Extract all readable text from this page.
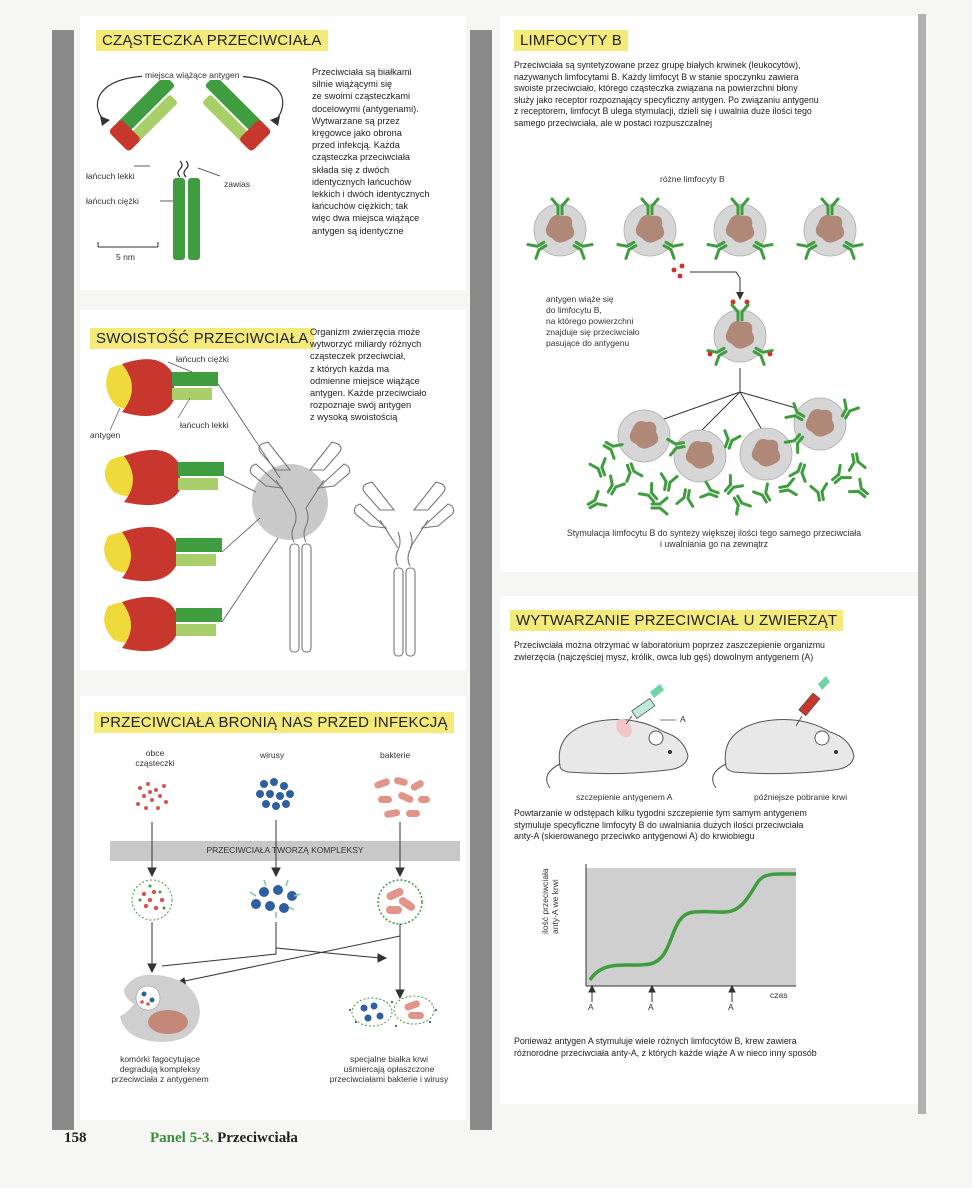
CZĄSTECZKA PRZECIWCIAŁA
miejsca wiążące antygen
łańcuch lekki
zawias
łańcuch ciężki
5 nm
Przeciwciała są białkami
silnie wiążącymi się
ze swoimi cząsteczkami
docelowymi (antygenami).
Wytwarzane są przez
kręgowce jako obrona
przed infekcją. Każda
cząsteczka przeciwciała
składa się z dwóch
identycznych łańcuchów
lekkich i dwóch identycznych
łańcuchów ciężkich; tak
więc dwa miejsca wiążące
antygen są identyczne
SWOISTOŚĆ PRZECIWCIAŁA
łańcuch ciężki
łańcuch lekki
antygen
Organizm zwierzęcia może
wytworzyć miliardy różnych
cząsteczek przeciwciał,
z których każda ma
odmienne miejsce wiążące
antygen. Każde przeciwciało
rozpoznaje swój antygen
z wysoką swoistością
PRZECIWCIAŁA BRONIĄ NAS PRZED INFEKCJĄ
obce
cząsteczki
wirusy	bakterie
PRZECIWCIAŁA TWORZĄ KOMPLEKSY
komórki fagocytujące
degradują kompleksy
przeciwciała z antygenem
specjalne białka krwi
uśmiercają opłaszczone
przeciwciałami bakterie i wirusy
LIMFOCYTY B
Przeciwciała są syntetyzowane przez grupę białych krwinek (leukocytów),
nazywanych limfocytami B. Każdy limfocyt B w stanie spoczynku zawiera
swoiste przeciwciało, którego cząsteczka związana na powierzchni błony
służy jako receptor rozpoznający specyficzny antygen. Po związaniu antygenu
z receptorem, limfocyt B ulega stymulacji, dzieli się i uwalnia duże ilości tego
samego przeciwciała, ale w postaci rozpuszczalnej
różne limfocyty B
antygen wiąże się
do limfocytu B,
na którego powierzchni
znajduje się przeciwciało
pasujące do antygenu
Stymulacja limfocytu B do syntezy większej ilości tego samego przeciwciała
i uwalniania go na zewnątrz
WYTWARZANIE PRZECIWCIAŁ U ZWIERZĄT
Przeciwciała można otrzymać w laboratorium poprzez zaszczepienie organizmu
zwierzęcia (najczęściej mysz, królik, owca lub gęś) dowolnym antygenem (A)
A
szczepienie antygenem A	późniejsze pobranie krwi
Powtarzanie w odstępach kilku tygodni szczepienie tym samym antygenem
stymuluje specyficzne limfocyty B do uwalniania dużych ilości przeciwciała
anty-A (skierowanego przeciwko antygenowi A) do krwiobiegu
ilość przeciwciała anty-A we krwi
czas
A	A	A
Ponieważ antygen A stymuluje wiele różnych limfocytów B, krew zawiera
różnorodne przeciwciała anty-A, z których każde wiąże A w nieco inny sposób
158	Panel 5-3. Przeciwciała
